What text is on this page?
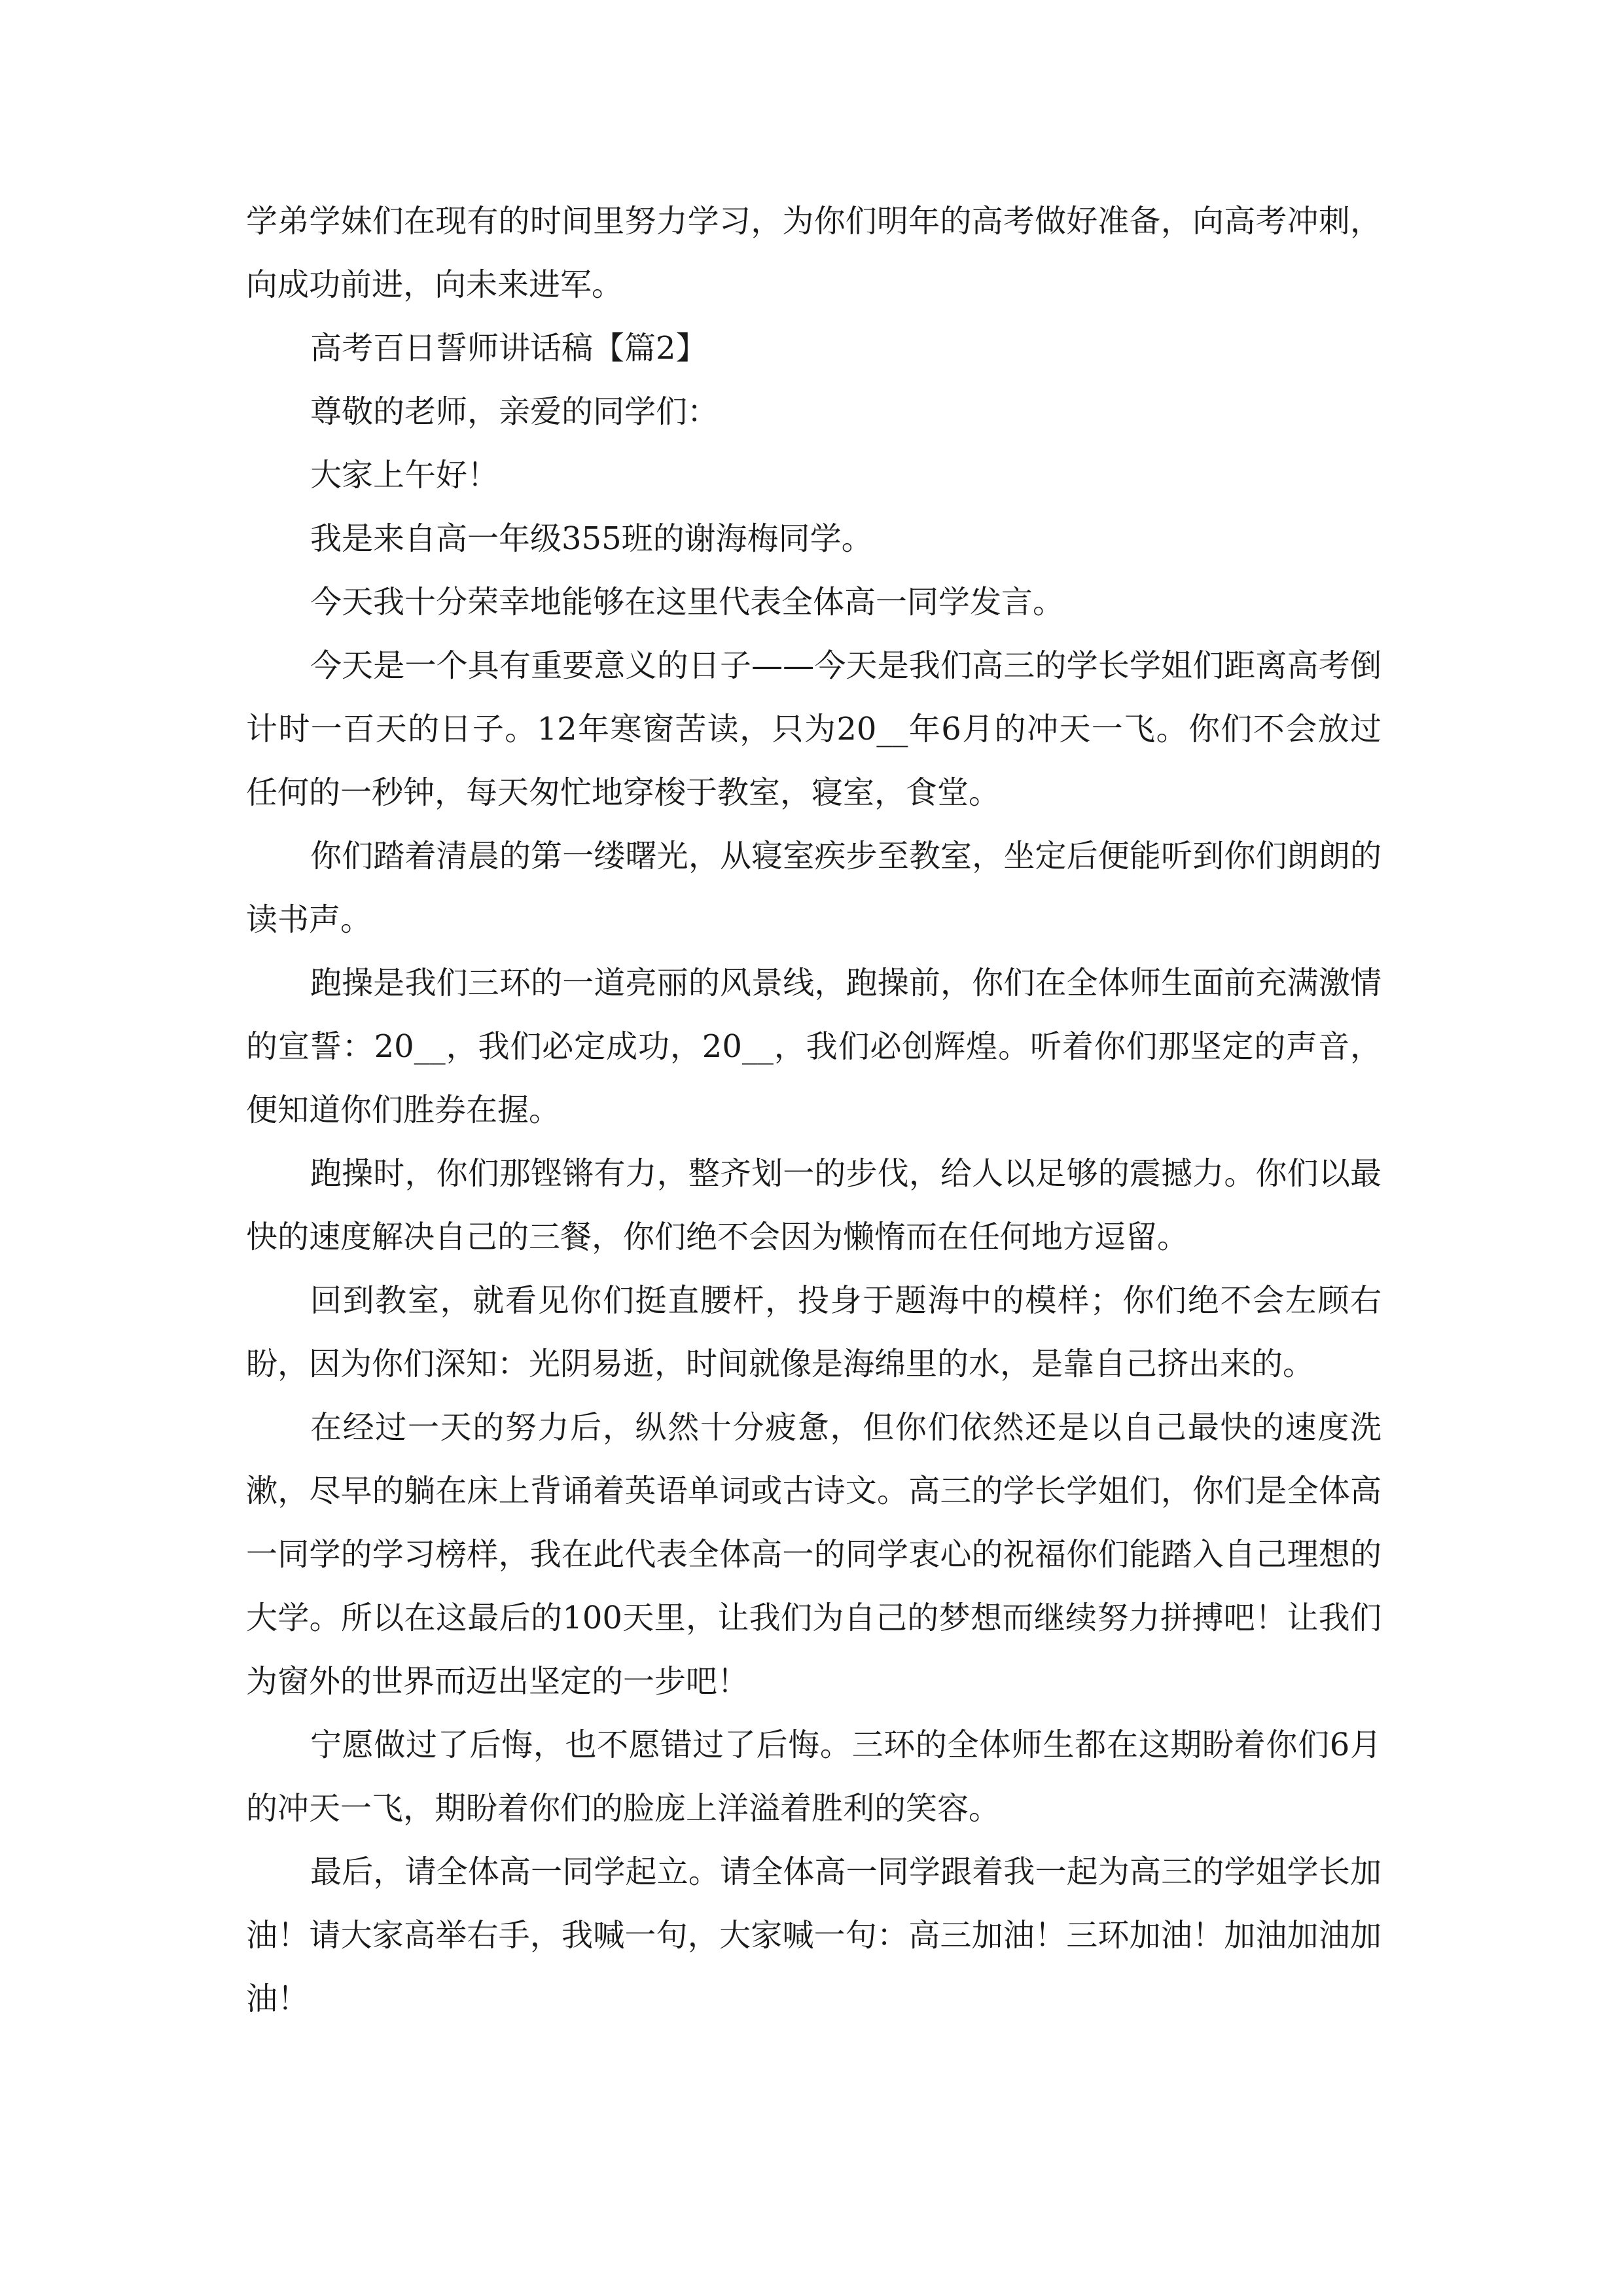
学弟学妹们在现有的时间里努力学习，为你们明年的高考做好准备，向高考冲刺，向成功前进，向未来进军。

高考百日誓师讲话稿【篇2】

尊敬的老师，亲爱的同学们：

大家上午好！

我是来自高一年级355班的谢海梅同学。

今天我十分荣幸地能够在这里代表全体高一同学发言。

今天是一个具有重要意义的日子——今天是我们高三的学长学姐们距离高考倒计时一百天的日子。12年寒窗苦读，只为20__年6月的冲天一飞。你们不会放过任何的一秒钟，每天匆忙地穿梭于教室，寝室，食堂。

你们踏着清晨的第一缕曙光，从寝室疾步至教室，坐定后便能听到你们朗朗的读书声。

跑操是我们三环的一道亮丽的风景线，跑操前，你们在全体师生面前充满激情的宣誓：20__，我们必定成功，20__，我们必创辉煌。听着你们那坚定的声音，便知道你们胜券在握。

跑操时，你们那铿锵有力，整齐划一的步伐，给人以足够的震撼力。你们以最快的速度解决自己的三餐，你们绝不会因为懒惰而在任何地方逗留。

回到教室，就看见你们挺直腰杆，投身于题海中的模样；你们绝不会左顾右盼，因为你们深知：光阴易逝，时间就像是海绵里的水，是靠自己挤出来的。

在经过一天的努力后，纵然十分疲惫，但你们依然还是以自己最快的速度洗漱，尽早的躺在床上背诵着英语单词或古诗文。高三的学长学姐们，你们是全体高一同学的学习榜样，我在此代表全体高一的同学衷心的祝福你们能踏入自己理想的大学。所以在这最后的100天里，让我们为自己的梦想而继续努力拼搏吧！让我们为窗外的世界而迈出坚定的一步吧！

宁愿做过了后悔，也不愿错过了后悔。三环的全体师生都在这期盼着你们6月的冲天一飞，期盼着你们的脸庞上洋溢着胜利的笑容。

最后，请全体高一同学起立。请全体高一同学跟着我一起为高三的学姐学长加油！请大家高举右手，我喊一句，大家喊一句：高三加油！三环加油！加油加油加油！
